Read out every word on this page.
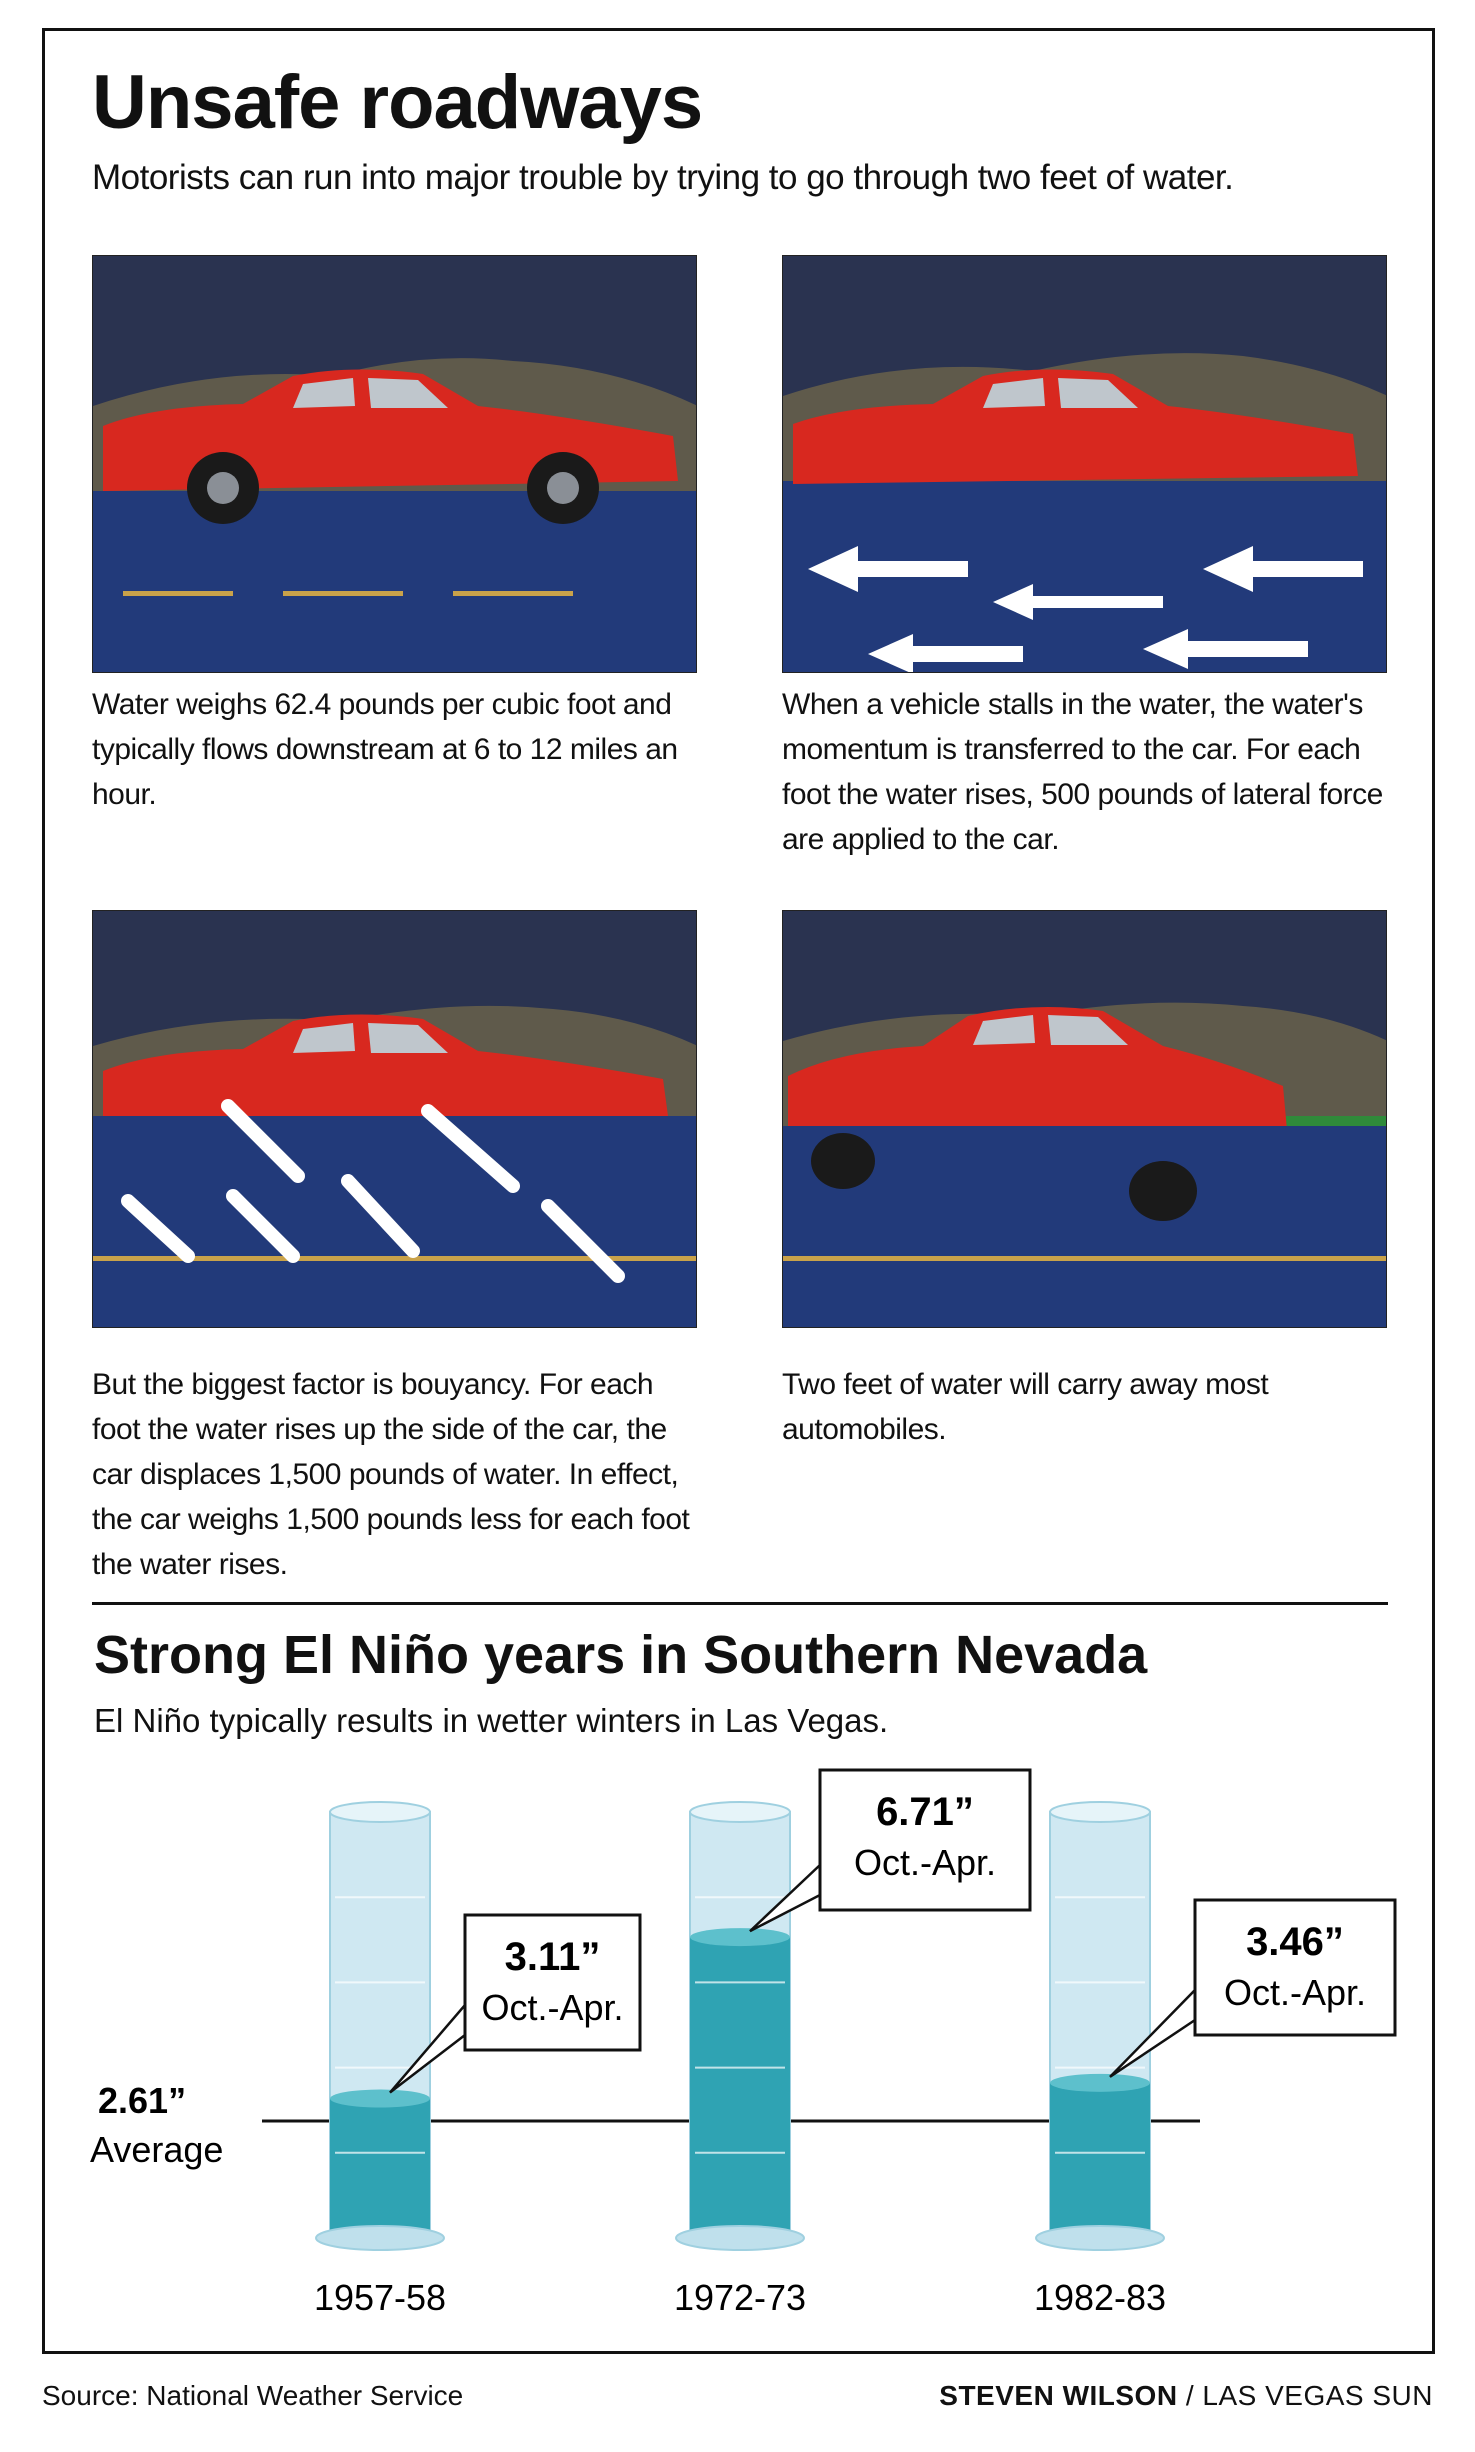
Unsafe roadways
Motorists can run into major trouble by trying to go through two feet of water.
Water weighs 62.4 pounds per cubic foot and typically flows downstream at 6 to 12 miles an hour.
When a vehicle stalls in the water, the water's momentum is transferred to the car. For each foot the water rises, 500 pounds of lateral force are applied to the car.
But the biggest factor is bouyancy. For each foot the water rises up the side of the car, the car displaces 1,500 pounds of water. In effect, the car weighs 1,500 pounds less for each foot the water rises.
Two feet of water will carry away most automobiles.
Strong El Niño years in Southern Nevada
El Niño typically results in wetter winters in Las Vegas.
2.61”
Average
1957-58
3.11”
Oct.-Apr.
1972-73
6.71”
Oct.-Apr.
1982-83
3.46”
Oct.-Apr.
Source: National Weather Service	STEVEN WILSON / LAS VEGAS SUN
